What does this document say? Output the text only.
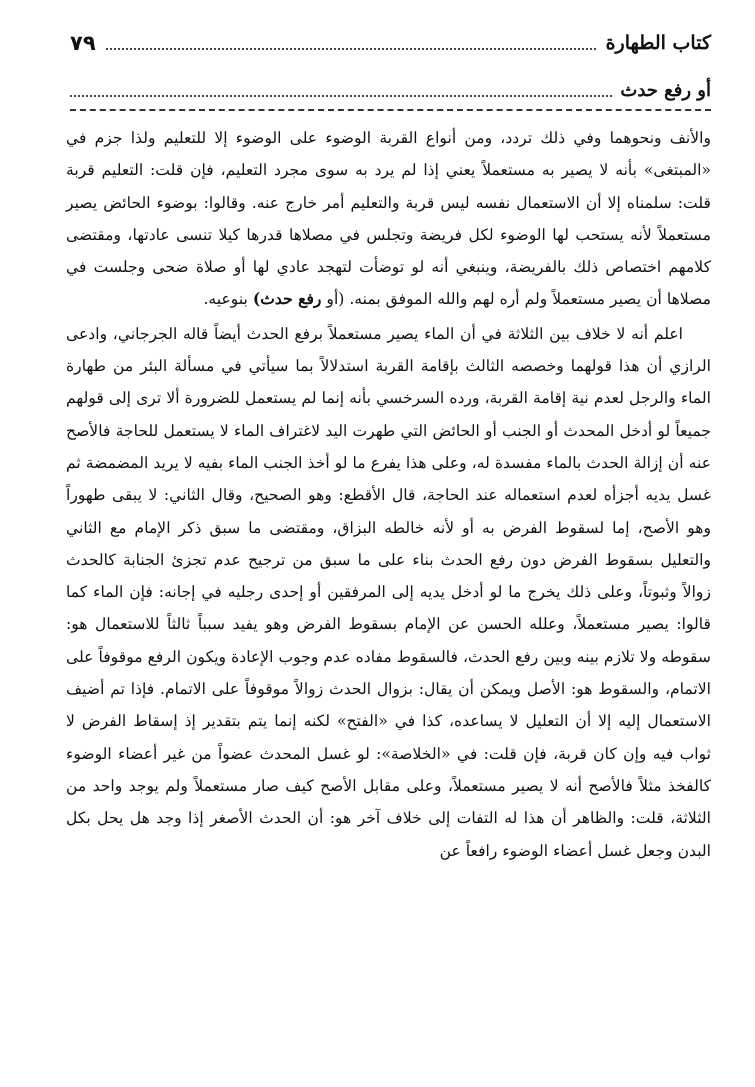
كتاب الطهارة
٧٩
أو رفع حدث

والأنف ونحوهما وفي ذلك تردد، ومن أنواع القربة الوضوء على الوضوء إلا للتعليم ولذا جزم في «المبتغى» بأنه لا يصير به مستعملاً يعني إذا لم يرد به سوى مجرد التعليم، فإن قلت: التعليم قربة قلت: سلمناه إلا أن الاستعمال نفسه ليس قربة والتعليم أمر خارج عنه. وقالوا: بوضوء الحائض يصير مستعملاً لأنه يستحب لها الوضوء لكل فريضة وتجلس في مصلاها قدرها كيلا تنسى عادتها، ومقتضى كلامهم اختصاص ذلك بالفريضة، وينبغي أنه لو توضأت لتهجد عادي لها أو صلاة ضحى وجلست في مصلاها أن يصير مستعملاً ولم أره لهم والله الموفق بمنه. (أو رفع حدث) بنوعيه.

اعلم أنه لا خلاف بين الثلاثة في أن الماء يصير مستعملاً برفع الحدث أيضاً قاله الجرجاني، وادعى الرازي أن هذا قولهما وخصصه الثالث بإقامة القربة استدلالاً بما سيأتي في مسألة البئر من طهارة الماء والرجل لعدم نية إقامة القربة، ورده السرخسي بأنه إنما لم يستعمل للضرورة ألا ترى إلى قولهم جميعاً لو أدخل المحدث أو الجنب أو الحائض التي طهرت اليد لاغتراف الماء لا يستعمل للحاجة فالأصح عنه أن إزالة الحدث بالماء مفسدة له، وعلى هذا يفرع ما لو أخذ الجنب الماء بفيه لا يريد المضمضة ثم غسل يديه أجزأه لعدم استعماله عند الحاجة، قال الأقطع: وهو الصحيح، وقال الثاني: لا يبقى طهوراً وهو الأصح، إما لسقوط الفرض به أو لأنه خالطه البزاق، ومقتضى ما سبق ذكر الإمام مع الثاني والتعليل بسقوط الفرض دون رفع الحدث بناء على ما سبق من ترجيح عدم تجزئ الجنابة كالحدث زوالاً وثبوتاً، وعلى ذلك يخرج ما لو أدخل يديه إلى المرفقين أو إحدى رجليه في إجانه: فإن الماء كما قالوا: يصير مستعملاً، وعلله الحسن عن الإمام بسقوط الفرض وهو يفيد سبباً ثالثاً للاستعمال هو: سقوطه ولا تلازم بينه وبين رفع الحدث، فالسقوط مفاده عدم وجوب الإعادة ويكون الرفع موقوفاً على الاتمام، والسقوط هو: الأصل ويمكن أن يقال: بزوال الحدث زوالاً موقوفاً على الاتمام. فإذا تم أضيف الاستعمال إليه إلا أن التعليل لا يساعده، كذا في «الفتح» لكنه إنما يتم بتقدير إذ إسقاط الفرض لا ثواب فيه وإن كان قربة، فإن قلت: في «الخلاصة»: لو غسل المحدث عضواً من غير أعضاء الوضوء كالفخذ مثلاً فالأصح أنه لا يصير مستعملاً، وعلى مقابل الأصح كيف صار مستعملاً ولم يوجد واحد من الثلاثة، قلت: والظاهر أن هذا له التفات إلى خلاف آخر هو: أن الحدث الأصغر إذا وجد هل يحل بكل البدن وجعل غسل أعضاء الوضوء رافعاً عن
